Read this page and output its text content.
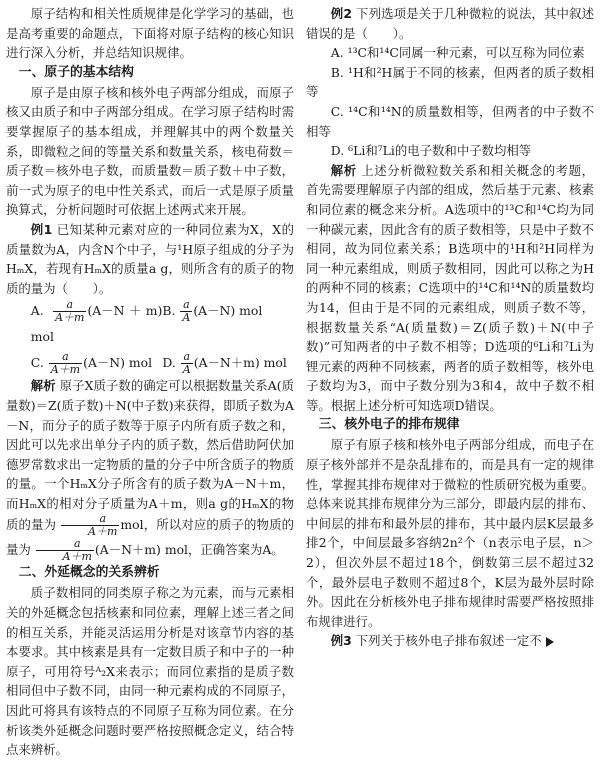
原子结构和相关性质规律是化学学习的基础，也是高考重要的命题点，下面将对原子结构的核心知识进行深入分析，并总结知识规律。

一、原子的基本结构

原子是由原子核和核外电子两部分组成，而原子核又由质子和中子两部分组成。在学习原子结构时需要掌握原子的基本组成，并理解其中的两个数量关系，即微粒之间的等量关系和数量关系，核电荷数＝质子数＝核外电子数，而质量数＝质子数＋中子数，前一式为原子的电中性关系式，而后一式是原子质量换算式，分析问题时可依据上述两式来开展。

例1 已知某种元素对应的一种同位素为X，X的质量数为A，内含N个中子，与¹H原子组成的分子为HₘX，若现有HₘX的质量a g，则所含有的质子的物质的量为（　　）。

A. $\frac{a}{A+m} (A-N+m)$ mol
B. $\frac{a}{A} (A-N)$ mol
C. $\frac{a}{A+m} (A-N)$ mol D. $\frac{a}{A} (A-N+m)$ mol

解析 原子X质子数的确定可以根据数量关系A(质量数)＝Z(质子数)＋N(中子数)来获得，即质子数为A－N，而分子的质子数等于原子内所有质子数之和，因此可以先求出单分子内的质子数，然后借助阿伏加德罗常数求出一定物质的量的分子中所含质子的物质的量。一个HₘX分子所含有的质子数为A－N＋m，而HₘX的相对分子质量为A＋m，则a g的HₘX的物质的量为 $\frac{a}{A+m}$ mol，所以对应的质子的物质的量为 $\frac{a}{A+m} (A-N+m)$ mol，正确答案为A。

二、外延概念的关系辨析

质子数相同的同类原子称之为元素，而与元素相关的外延概念包括核素和同位素，理解上述三者之间的相互关系，并能灵活运用分析是对该章节内容的基本要求。其中核素是具有一定数目质子和中子的一种原子，可用符号ᴬ₂X来表示；而同位素指的是质子数相同但中子数不同，由同一种元素构成的不同原子，因此可将具有该特点的不同原子互称为同位素。在分析该类外延概念问题时要严格按照概念定义，结合特点来辨析。

例2 下列选项是关于几种微粒的说法，其中叙述错误的是（　　）。

A. ¹³C和¹⁴C同属一种元素，可以互称为同位素

B. ¹H和²H属于不同的核素，但两者的质子数相等

C. ¹⁴C和¹⁴N的质量数相等，但两者的中子数不相等

D. ⁶Li和⁷Li的电子数和中子数均相等

解析 上述分析微粒数关系和相关概念的考题，首先需要理解原子内部的组成，然后基于元素、核素和同位素的概念来分析。A选项中的¹³C和¹⁴C均为同一种碳元素，因此含有的质子数相等，只是中子数不相同，故为同位素关系；B选项中的¹H和²H同样为同一种元素组成，则质子数相同，因此可以称之为H的两种不同的核素；C选项中的¹⁴C和¹⁴N的质量数均为14，但由于是不同的元素组成，则质子数不等，根据数量关系“A(质量数)＝Z(质子数)＋N(中子数)”可知两者的中子数不相等；D选项的⁶Li和⁷Li为锂元素的两种不同核素，两者的质子数相等，核外电子数均为3，而中子数分别为3和4，故中子数不相等。根据上述分析可知选项D错误。

三、核外电子的排布规律

原子有原子核和核外电子两部分组成，而电子在原子核外部并不是杂乱排布的，而是具有一定的规律性，掌握其排布规律对于微粒的性质研究极为重要。总体来说其排布规律分为三部分，即最内层的排布、中间层的排布和最外层的排布，其中最内层K层最多排2个，中间层最多容纳2n²个（n表示电子层，n＞2），但次外层不超过18个，倒数第三层不超过32个，最外层电子数则不超过8个，K层为最外层时除外。因此在分析核外电子排布规律时需要严格按照排布规律进行。

例3 下列关于核外电子排布叙述一定不
